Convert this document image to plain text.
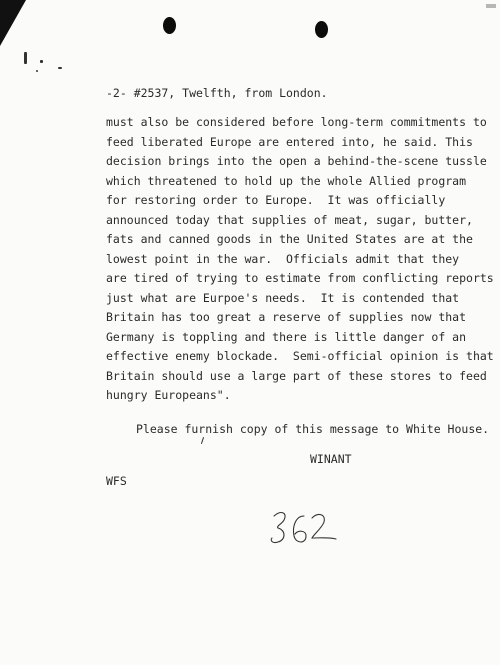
-2- #2537, Twelfth, from London.
must also be considered before long-term commitments to
feed liberated Europe are entered into, he said. This
decision brings into the open a behind-the-scene tussle
which threatened to hold up the whole Allied program
for restoring order to Europe.  It was officially
announced today that supplies of meat, sugar, butter,
fats and canned goods in the United States are at the
lowest point in the war.  Officials admit that they
are tired of trying to estimate from conflicting reports
just what are Eurpoe's needs.  It is contended that
Britain has too great a reserve of supplies now that
Germany is toppling and there is little danger of an
effective enemy blockade.  Semi-official opinion is that
Britain should use a large part of these stores to feed
hungry Europeans".
Please furnish copy of this message to White House.
WINANT
WFS
